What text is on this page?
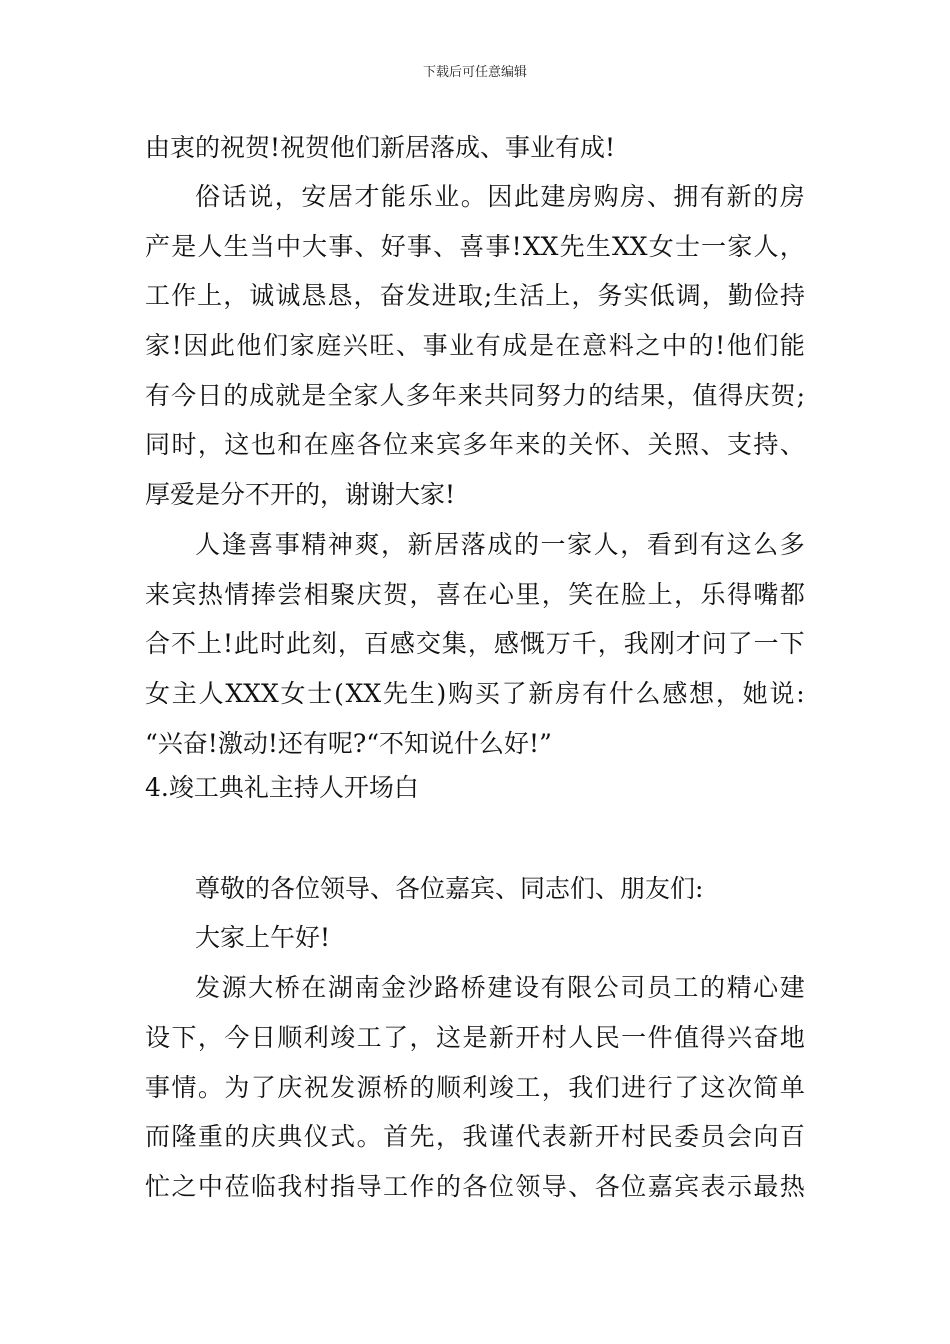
下载后可任意编辑
由衷的祝贺!祝贺他们新居落成、事业有成!
俗 话 说 ， 安 居 才 能 乐 业 。 因 此 建 房 购 房 、 拥 有 新 的 房
产 是 人 生 当 中 大 事 、 好 事 、 喜 事 ! XX 先 生 XX 女 士 一 家 人 ，
工 作 上 ， 诚 诚 恳 恳 ， 奋 发 进 取 ; 生 活 上 ， 务 实 低 调 ， 勤 俭 持
家 ! 因 此 他 们 家 庭 兴 旺 、 事 业 有 成 是 在 意 料 之 中 的 ! 他 们 能
有 今 日 的 成 就 是 全 家 人 多 年 来 共 同 努 力 的 结 果 ， 值 得 庆 贺 ;
同 时 ， 这 也 和 在 座 各 位 来 宾 多 年 来 的 关 怀 、 关 照 、 支 持 、
厚爱是分不开的，谢谢大家!
人 逢 喜 事 精 神 爽 ， 新 居 落 成 的 一 家 人 ， 看 到 有 这 么 多
来 宾 热 情 捧 尝 相 聚 庆 贺 ， 喜 在 心 里 ， 笑 在 脸 上 ， 乐 得 嘴 都
合 不 上 ! 此 时 此 刻 ， 百 感 交 集 ， 感 慨 万 千 ， 我 刚 才 问 了 一 下
女 主 人 XXX 女 士 ( XX 先 生 ) 购 买 了 新 房 有 什 么 感 想 ， 她 说 :
“兴奋!激动!还有呢?“不知说什么好!”
4.竣工典礼主持人开场白
尊敬的各位领导、各位嘉宾、同志们、朋友们:
大家上午好!
发 源 大 桥 在 湖 南 金 沙 路 桥 建 设 有 限 公 司 员 工 的 精 心 建
设 下 ， 今 日 顺 利 竣 工 了 ， 这 是 新 开 村 人 民 一 件 值 得 兴 奋 地
事 情 。 为 了 庆 祝 发 源 桥 的 顺 利 竣 工 ， 我 们 进 行 了 这 次 简 单
而 隆 重 的 庆 典 仪 式 。 首 先 ， 我 谨 代 表 新 开 村 民 委 员 会 向 百
忙 之 中 莅 临 我 村 指 导 工 作 的 各 位 领 导 、 各 位 嘉 宾 表 示 最 热
